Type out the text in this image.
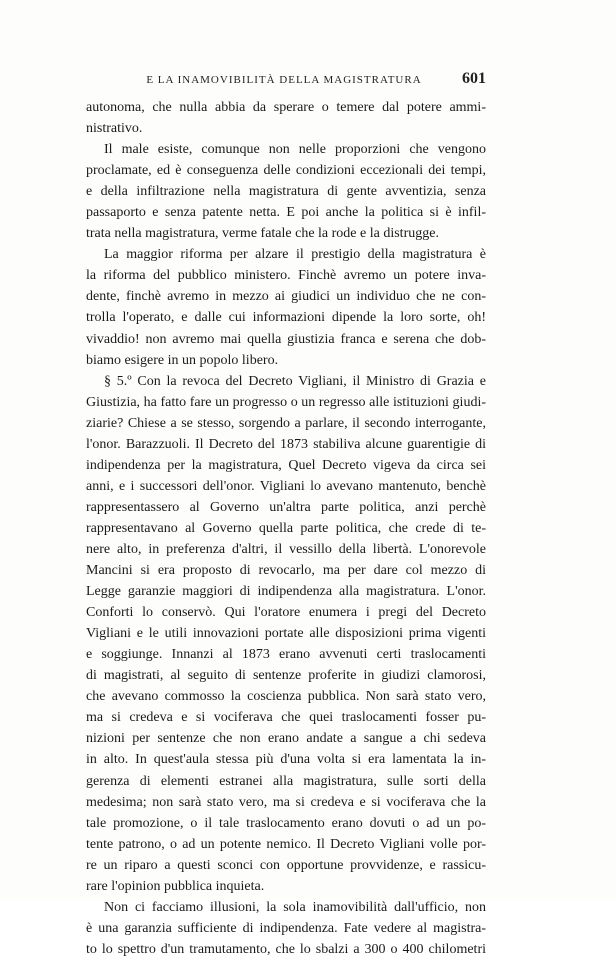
E LA INAMOVIBILITÀ DELLA MAGISTRATURA	601
autonoma, che nulla abbia da sperare o temere dal potere ammi-
nistrativo.
Il male esiste, comunque non nelle proporzioni che vengono
proclamate, ed è conseguenza delle condizioni eccezionali dei tempi,
e della infiltrazione nella magistratura di gente avventizia, senza
passaporto e senza patente netta. E poi anche la politica si è infil-
trata nella magistratura, verme fatale che la rode e la distrugge.
La maggior riforma per alzare il prestigio della magistratura è
la riforma del pubblico ministero. Finchè avremo un potere inva-
dente, finchè avremo in mezzo ai giudici un individuo che ne con-
trolla l'operato, e dalle cui informazioni dipende la loro sorte, oh!
vivaddio! non avremo mai quella giustizia franca e serena che dob-
biamo esigere in un popolo libero.
§ 5.º Con la revoca del Decreto Vigliani, il Ministro di Grazia e
Giustizia, ha fatto fare un progresso o un regresso alle istituzioni giudi-
ziarie? Chiese a se stesso, sorgendo a parlare, il secondo interrogante,
l'onor. Barazzuoli. Il Decreto del 1873 stabiliva alcune guarentigie di
indipendenza per la magistratura, Quel Decreto vigeva da circa sei
anni, e i successori dell'onor. Vigliani lo avevano mantenuto, benchè
rappresentassero al Governo un'altra parte politica, anzi perchè
rappresentavano al Governo quella parte politica, che crede di te-
nere alto, in preferenza d'altri, il vessillo della libertà. L'onorevole
Mancini si era proposto di revocarlo, ma per dare col mezzo di
Legge garanzie maggiori di indipendenza alla magistratura. L'onor.
Conforti lo conservò. Qui l'oratore enumera i pregi del Decreto
Vigliani e le utili innovazioni portate alle disposizioni prima vigenti
e soggiunge. Innanzi al 1873 erano avvenuti certi traslocamenti
di magistrati, al seguito di sentenze proferite in giudizi clamorosi,
che avevano commosso la coscienza pubblica. Non sarà stato vero,
ma si credeva e si vociferava che quei traslocamenti fosser pu-
nizioni per sentenze che non erano andate a sangue a chi sedeva
in alto. In quest'aula stessa più d'una volta si era lamentata la in-
gerenza di elementi estranei alla magistratura, sulle sorti della
medesima; non sarà stato vero, ma si credeva e si vociferava che la
tale promozione, o il tale traslocamento erano dovuti o ad un po-
tente patrono, o ad un potente nemico. Il Decreto Vigliani volle por-
re un riparo a questi sconci con opportune provvidenze, e rassicu-
rare l'opinion pubblica inquieta.
Non ci facciamo illusioni, la sola inamovibilità dall'ufficio, non
è una garanzia sufficiente di indipendenza. Fate vedere al magistra-
to lo spettro d'un tramutamento, che lo sbalzi a 300 o 400 chilometri
